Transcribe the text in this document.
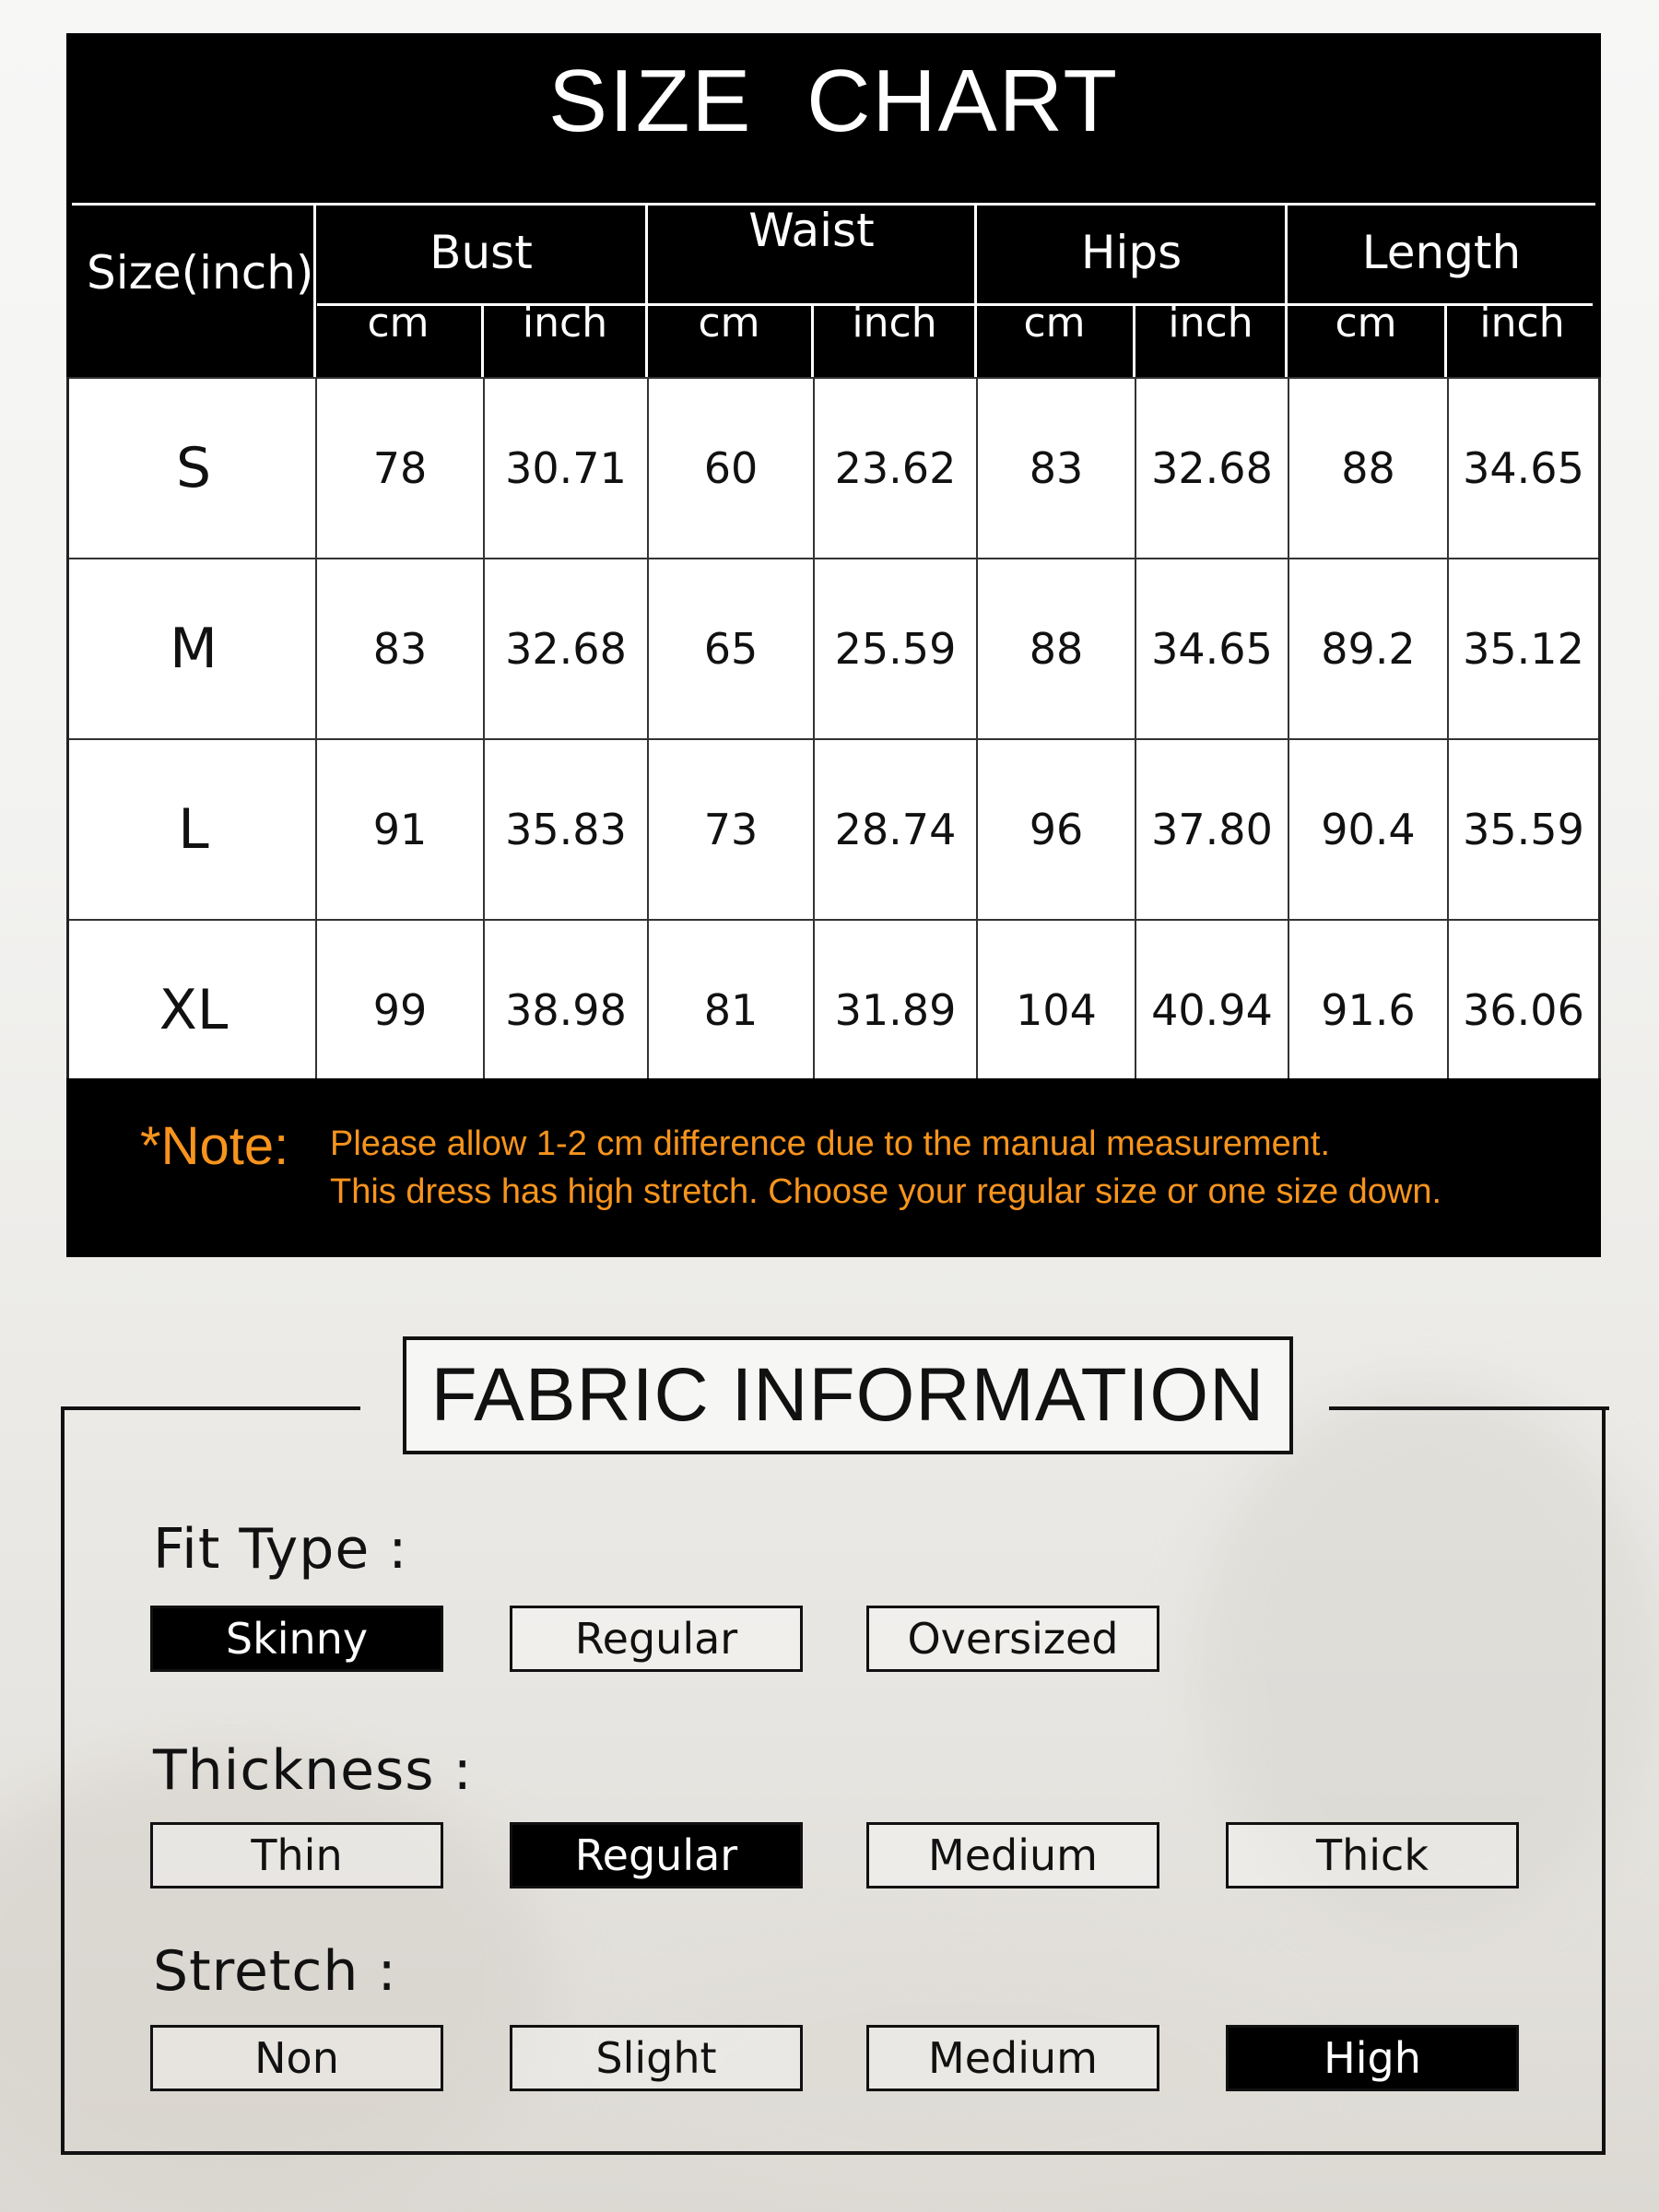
SIZE CHART
Size(inch)	Bust	Waist	Hips	Length
cm	inch	cm	inch	cm	inch	cm	inch
S	78	30.71	60	23.62	83	32.68	88	34.65
M	83	32.68	65	25.59	88	34.65	89.2	35.12
L	91	35.83	73	28.74	96	37.80	90.4	35.59
XL	99	38.98	81	31.89	104	40.94	91.6	36.06
*Note: Please allow 1-2 cm difference due to the manual measurement.
This dress has high stretch. Choose your regular size or one size down.
FABRIC INFORMATION
Fit Type :
Skinny	Regular	Oversized
Thickness :
Thin	Regular	Medium	Thick
Stretch :
Non	Slight	Medium	High
